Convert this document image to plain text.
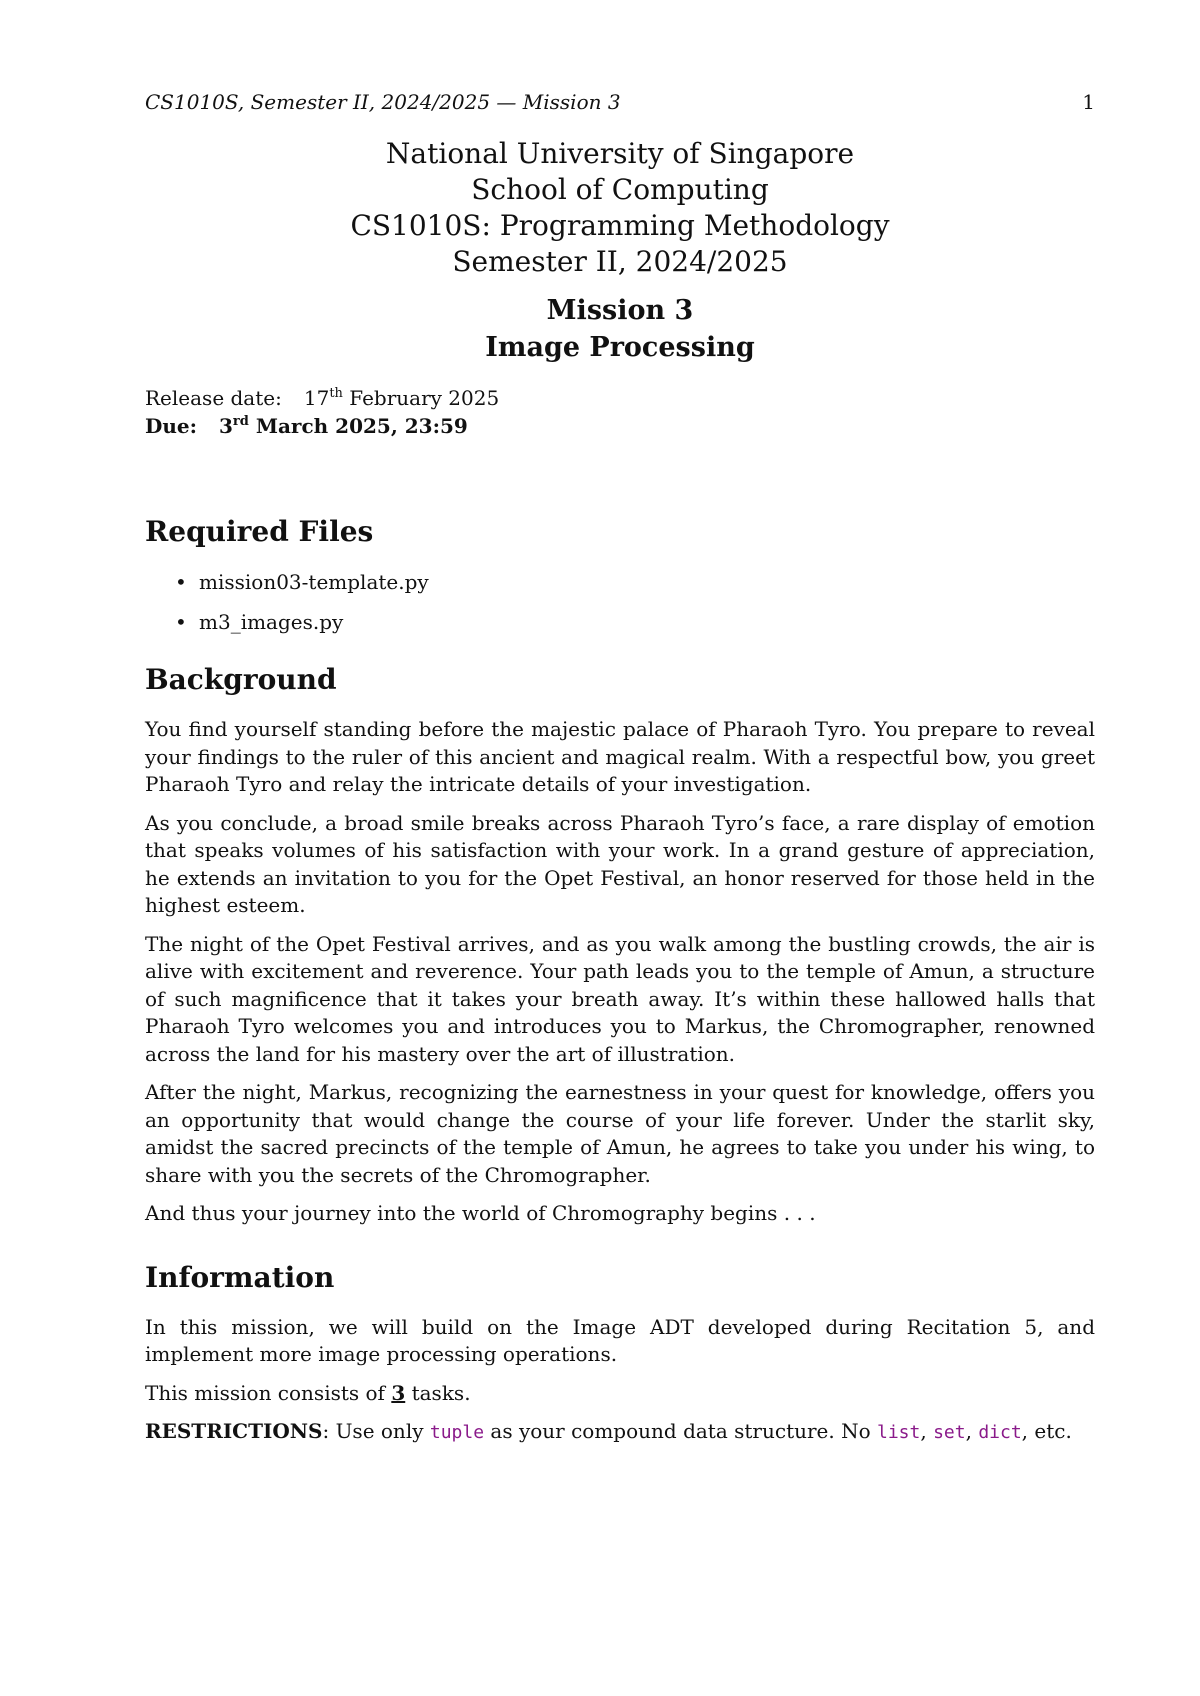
CS1010S, Semester II, 2024/2025 — Mission 3	1
National University of Singapore
School of Computing
CS1010S: Programming Methodology
Semester II, 2024/2025
Mission 3
Image Processing
Release date: 17th February 2025
Due: 3rd March 2025, 23:59
Required Files
• mission03-template.py
• m3_images.py
Background

You find yourself standing before the majestic palace of Pharaoh Tyro. You prepare to reveal your findings to the ruler of this ancient and magical realm. With a respectful bow, you greet Pharaoh Tyro and relay the intricate details of your investigation.

As you conclude, a broad smile breaks across Pharaoh Tyro’s face, a rare display of emotion that speaks volumes of his satisfaction with your work. In a grand gesture of appreciation, he extends an invitation to you for the Opet Festival, an honor reserved for those held in the highest esteem.

The night of the Opet Festival arrives, and as you walk among the bustling crowds, the air is alive with excitement and reverence. Your path leads you to the temple of Amun, a structure of such magnificence that it takes your breath away. It’s within these hallowed halls that Pharaoh Tyro welcomes you and introduces you to Markus, the Chromographer, renowned across the land for his mastery over the art of illustration.

After the night, Markus, recognizing the earnestness in your quest for knowledge, offers you an opportunity that would change the course of your life forever. Under the starlit sky, amidst the sacred precincts of the temple of Amun, he agrees to take you under his wing, to share with you the secrets of the Chromographer.

And thus your journey into the world of Chromography begins . . .

Information

In this mission, we will build on the Image ADT developed during Recitation 5, and implement more image processing operations.

This mission consists of 3 tasks.

RESTRICTIONS: Use only tuple as your compound data structure. No list, set, dict, etc.
